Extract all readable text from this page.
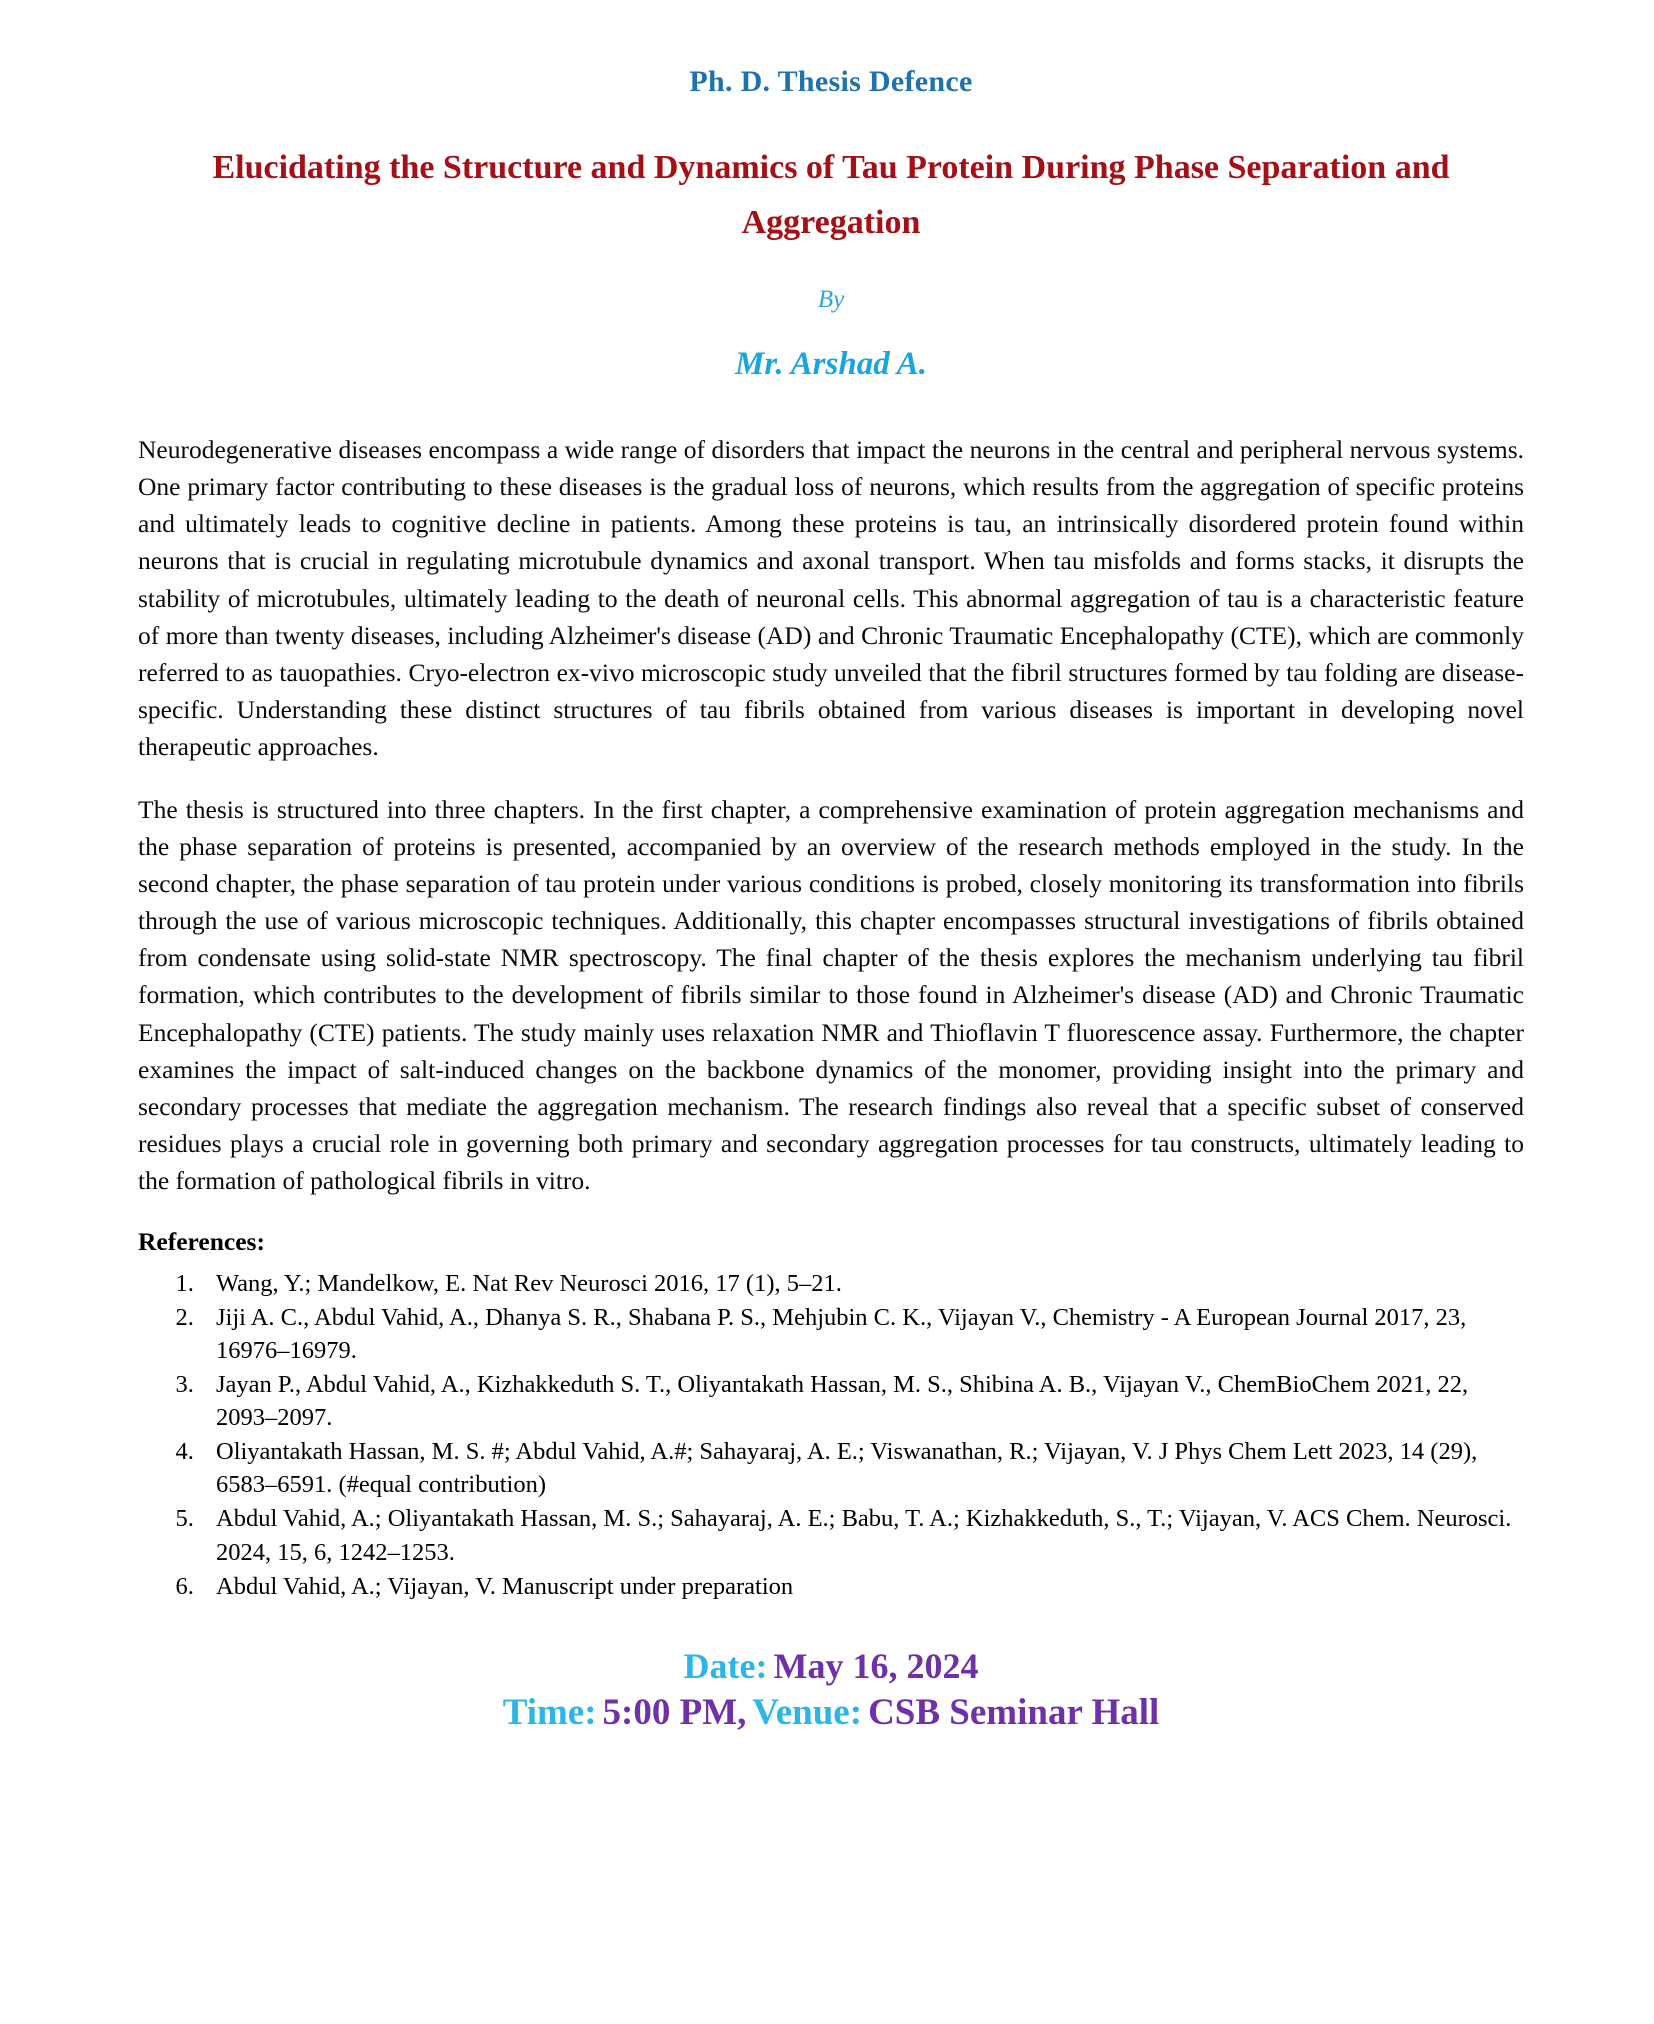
Ph. D. Thesis Defence
Elucidating the Structure and Dynamics of Tau Protein During Phase Separation and Aggregation
By
Mr. Arshad A.

Neurodegenerative diseases encompass a wide range of disorders that impact the neurons in the central and peripheral nervous systems. One primary factor contributing to these diseases is the gradual loss of neurons, which results from the aggregation of specific proteins and ultimately leads to cognitive decline in patients. Among these proteins is tau, an intrinsically disordered protein found within neurons that is crucial in regulating microtubule dynamics and axonal transport. When tau misfolds and forms stacks, it disrupts the stability of microtubules, ultimately leading to the death of neuronal cells. This abnormal aggregation of tau is a characteristic feature of more than twenty diseases, including Alzheimer's disease (AD) and Chronic Traumatic Encephalopathy (CTE), which are commonly referred to as tauopathies. Cryo-electron ex-vivo microscopic study unveiled that the fibril structures formed by tau folding are disease-specific. Understanding these distinct structures of tau fibrils obtained from various diseases is important in developing novel therapeutic approaches.

The thesis is structured into three chapters. In the first chapter, a comprehensive examination of protein aggregation mechanisms and the phase separation of proteins is presented, accompanied by an overview of the research methods employed in the study. In the second chapter, the phase separation of tau protein under various conditions is probed, closely monitoring its transformation into fibrils through the use of various microscopic techniques. Additionally, this chapter encompasses structural investigations of fibrils obtained from condensate using solid-state NMR spectroscopy. The final chapter of the thesis explores the mechanism underlying tau fibril formation, which contributes to the development of fibrils similar to those found in Alzheimer's disease (AD) and Chronic Traumatic Encephalopathy (CTE) patients. The study mainly uses relaxation NMR and Thioflavin T fluorescence assay. Furthermore, the chapter examines the impact of salt-induced changes on the backbone dynamics of the monomer, providing insight into the primary and secondary processes that mediate the aggregation mechanism. The research findings also reveal that a specific subset of conserved residues plays a crucial role in governing both primary and secondary aggregation processes for tau constructs, ultimately leading to the formation of pathological fibrils in vitro.

References:
1. Wang, Y.; Mandelkow, E. Nat Rev Neurosci 2016, 17 (1), 5–21.
2. Jiji A. C., Abdul Vahid, A., Dhanya S. R., Shabana P. S., Mehjubin C. K., Vijayan V., Chemistry - A European Journal 2017, 23, 16976–16979.
3. Jayan P., Abdul Vahid, A., Kizhakkeduth S. T., Oliyantakath Hassan, M. S., Shibina A. B., Vijayan V., ChemBioChem 2021, 22, 2093–2097.
4. Oliyantakath Hassan, M. S. #; Abdul Vahid, A.#; Sahayaraj, A. E.; Viswanathan, R.; Vijayan, V. J Phys Chem Lett 2023, 14 (29), 6583–6591. (#equal contribution)
5. Abdul Vahid, A.; Oliyantakath Hassan, M. S.; Sahayaraj, A. E.; Babu, T. A.; Kizhakkeduth, S., T.; Vijayan, V. ACS Chem. Neurosci. 2024, 15, 6, 1242–1253.
6. Abdul Vahid, A.; Vijayan, V. Manuscript under preparation
Date: May 16, 2024
Time: 5:00 PM, Venue: CSB Seminar Hall
